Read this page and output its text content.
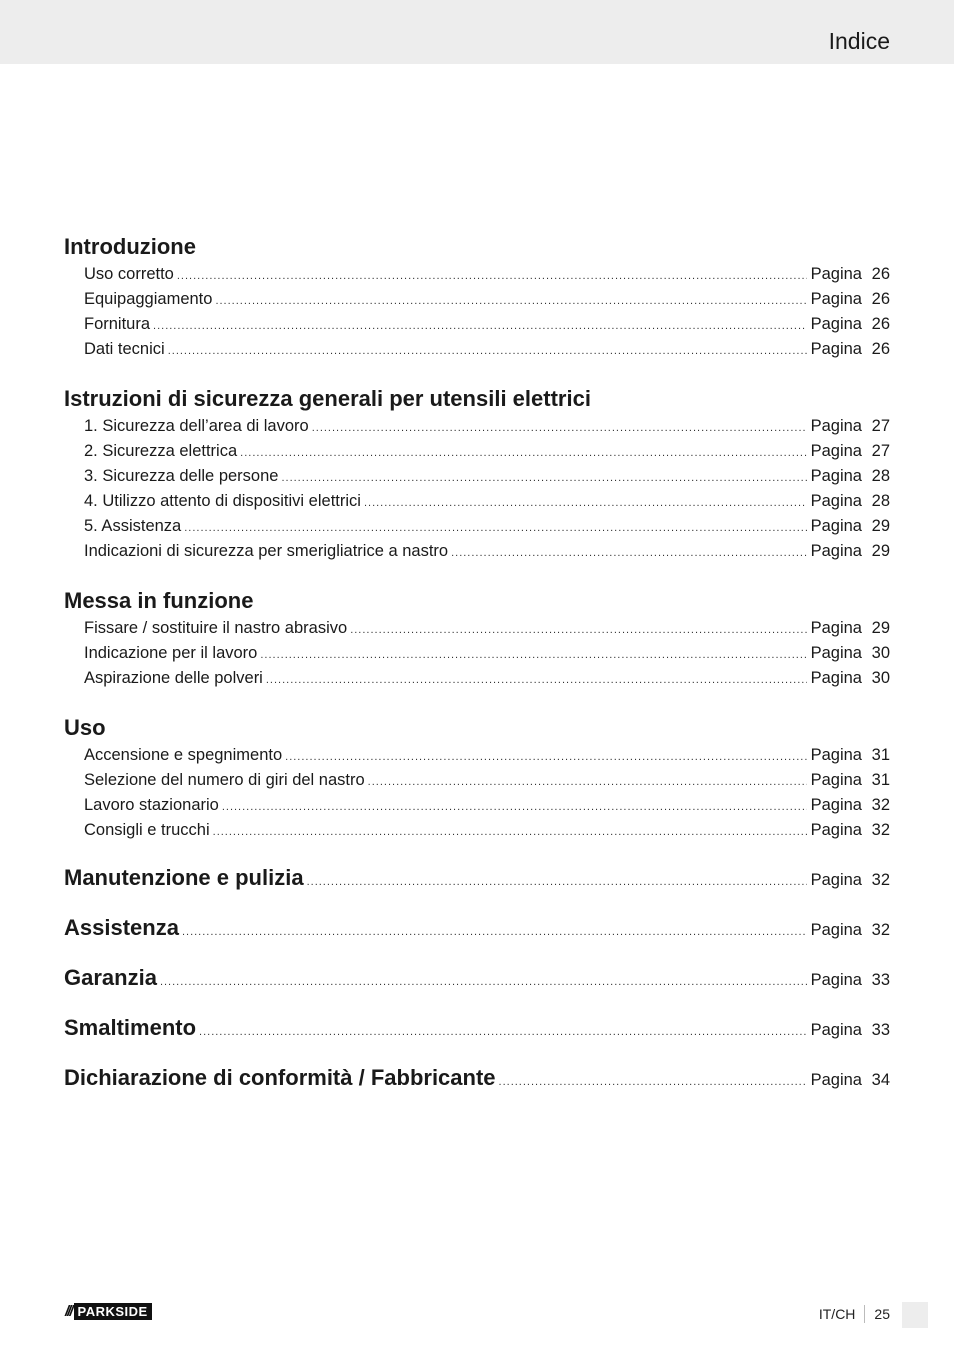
Indice
Introduzione
Uso corretto .....	Pagina 26
Equipaggiamento .....	Pagina 26
Fornitura .....	Pagina 26
Dati tecnici .....	Pagina 26
Istruzioni di sicurezza generali per utensili elettrici
1. Sicurezza dell’area di lavoro .....	Pagina 27
2. Sicurezza elettrica .....	Pagina 27
3. Sicurezza delle persone .....	Pagina 28
4. Utilizzo attento di dispositivi elettrici .....	Pagina 28
5. Assistenza .....	Pagina 29
Indicazioni di sicurezza per smerigliatrice a nastro .....	Pagina 29
Messa in funzione
Fissare / sostituire il nastro abrasivo .....	Pagina 29
Indicazione per il lavoro .....	Pagina 30
Aspirazione delle polveri .....	Pagina 30
Uso
Accensione e spegnimento .....	Pagina 31
Selezione del numero di giri del nastro .....	Pagina 31
Lavoro stazionario .....	Pagina 32
Consigli e trucchi .....	Pagina 32
Manutenzione e pulizia .....	Pagina 32
Assistenza .....	Pagina 32
Garanzia .....	Pagina 33
Smaltimento .....	Pagina 33
Dichiarazione di conformità / Fabbricante .....	Pagina 34
/// PARKSIDE	IT/CH 25
